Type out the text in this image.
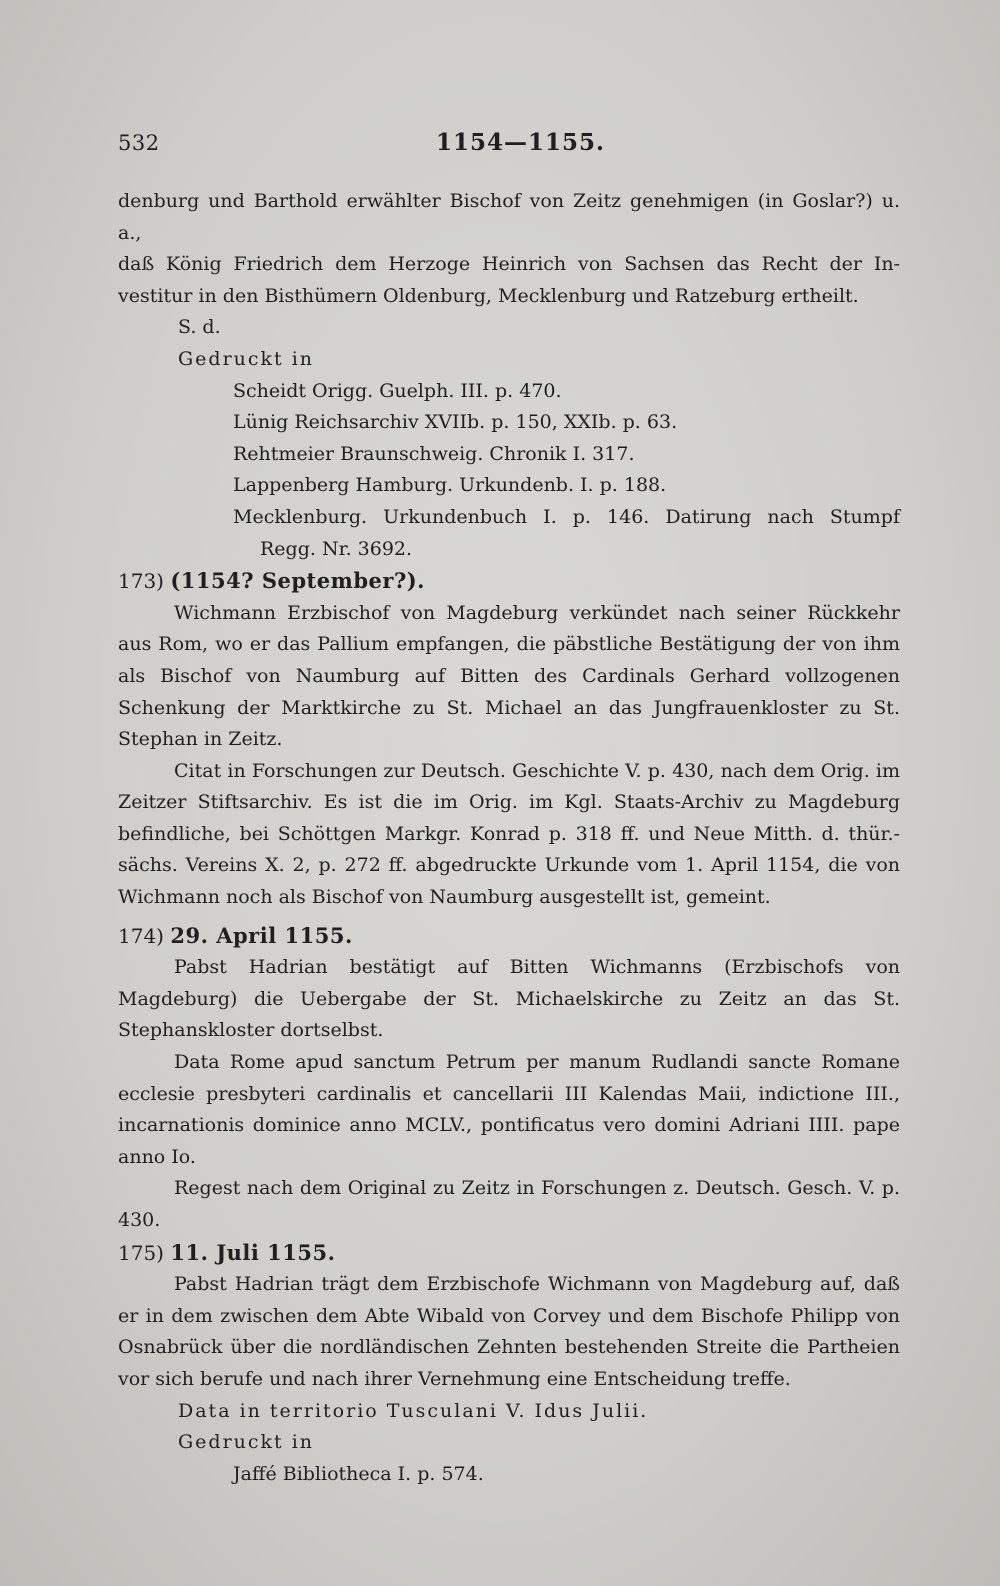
532	1154—1155.

denburg und Barthold erwählter Bischof von Zeitz genehmigen (in Goslar?) u. a.,

daß König Friedrich dem Herzoge Heinrich von Sachsen das Recht der In-

vestitur in den Bisthümern Oldenburg, Mecklenburg und Ratzeburg ertheilt.

S. d.

Gedruckt in

Scheidt Origg. Guelph. III. p. 470.

Lünig Reichsarchiv XVIIb. p. 150, XXIb. p. 63.

Rehtmeier Braunschweig. Chronik I. 317.

Lappenberg Hamburg. Urkundenb. I. p. 188.

Mecklenburg. Urkundenbuch I. p. 146. Datirung nach Stumpf

Regg. Nr. 3692.

173) (1154? September?).

Wichmann Erzbischof von Magdeburg verkündet nach seiner Rückkehr aus Rom, wo er das Pallium empfangen, die päbstliche Bestätigung der von ihm als Bischof von Naumburg auf Bitten des Cardinals Gerhard vollzogenen Schenkung der Marktkirche zu St. Michael an das Jungfrauenkloster zu St. Stephan in Zeitz.

Citat in Forschungen zur Deutsch. Geschichte V. p. 430, nach dem Orig. im Zeitzer Stiftsarchiv. Es ist die im Orig. im Kgl. Staats-Archiv zu Magdeburg befindliche, bei Schöttgen Markgr. Konrad p. 318 ff. und Neue Mitth. d. thür.-sächs. Vereins X. 2, p. 272 ff. abgedruckte Urkunde vom 1. April 1154, die von Wichmann noch als Bischof von Naumburg ausgestellt ist, gemeint.

174) 29. April 1155.

Pabst Hadrian bestätigt auf Bitten Wichmanns (Erzbischofs von Magdeburg) die Uebergabe der St. Michaelskirche zu Zeitz an das St. Stephanskloster dortselbst.

Data Rome apud sanctum Petrum per manum Rudlandi sancte Romane ecclesie presbyteri cardinalis et cancellarii III Kalendas Maii, indictione III., incarnationis dominice anno MCLV., pontificatus vero domini Adriani IIII. pape anno Io.

Regest nach dem Original zu Zeitz in Forschungen z. Deutsch. Gesch. V. p. 430.

175) 11. Juli 1155.

Pabst Hadrian trägt dem Erzbischofe Wichmann von Magdeburg auf, daß er in dem zwischen dem Abte Wibald von Corvey und dem Bischofe Philipp von Osnabrück über die nordländischen Zehnten bestehenden Streite die Partheien vor sich berufe und nach ihrer Vernehmung eine Entscheidung treffe.

Data in territorio Tusculani V. Idus Julii.

Gedruckt in

Jaffé Bibliotheca I. p. 574.
